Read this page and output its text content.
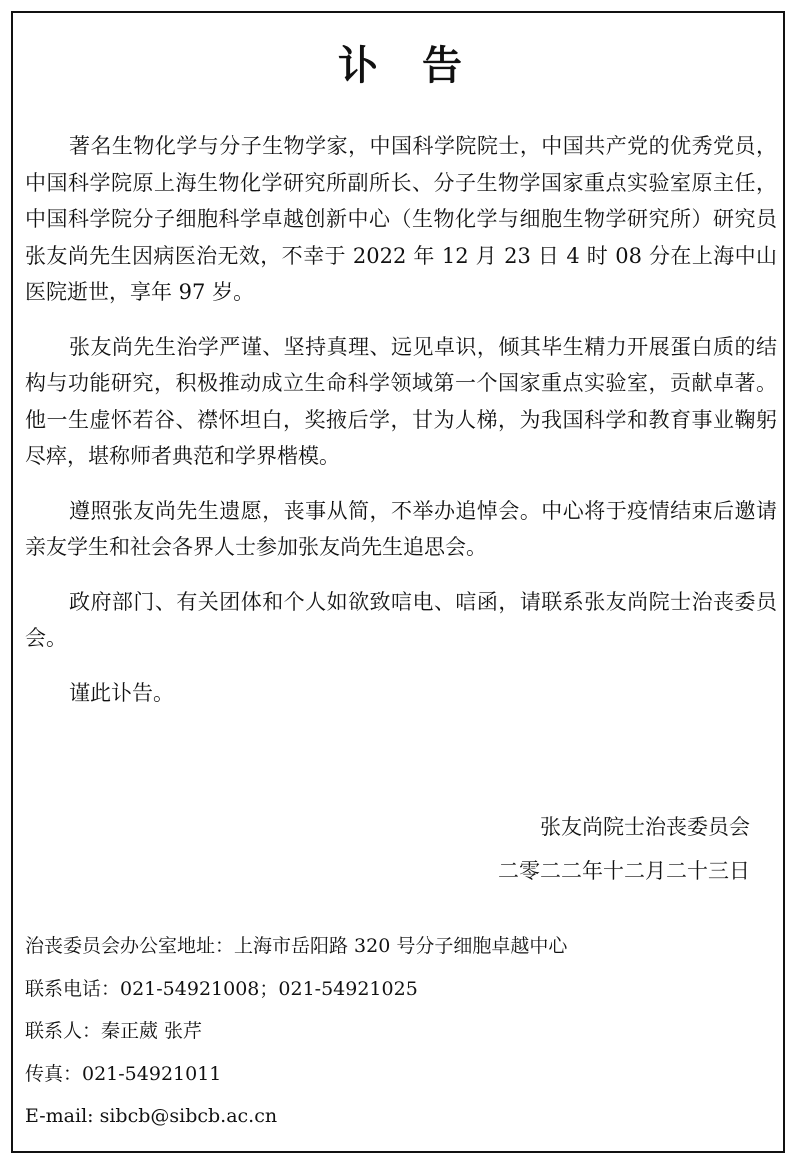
讣告

著名生物化学与分子生物学家，中国科学院院士，中国共产党的优秀党员，中国科学院原上海生物化学研究所副所长、分子生物学国家重点实验室原主任，中国科学院分子细胞科学卓越创新中心（生物化学与细胞生物学研究所）研究员张友尚先生因病医治无效，不幸于 2022 年 12 月 23 日 4 时 08 分在上海中山医院逝世，享年 97 岁。

张友尚先生治学严谨、坚持真理、远见卓识，倾其毕生精力开展蛋白质的结构与功能研究，积极推动成立生命科学领域第一个国家重点实验室，贡献卓著。他一生虚怀若谷、襟怀坦白，奖掖后学，甘为人梯，为我国科学和教育事业鞠躬尽瘁，堪称师者典范和学界楷模。

遵照张友尚先生遗愿，丧事从简，不举办追悼会。中心将于疫情结束后邀请亲友学生和社会各界人士参加张友尚先生追思会。

政府部门、有关团体和个人如欲致唁电、唁函，请联系张友尚院士治丧委员会。

谨此讣告。

张友尚院士治丧委员会
二零二二年十二月二十三日
治丧委员会办公室地址：上海市岳阳路 320 号分子细胞卓越中心
联系电话：021-54921008；021-54921025
联系人：秦正葳 张芹
传真：021-54921011
E-mail: sibcb@sibcb.ac.cn
